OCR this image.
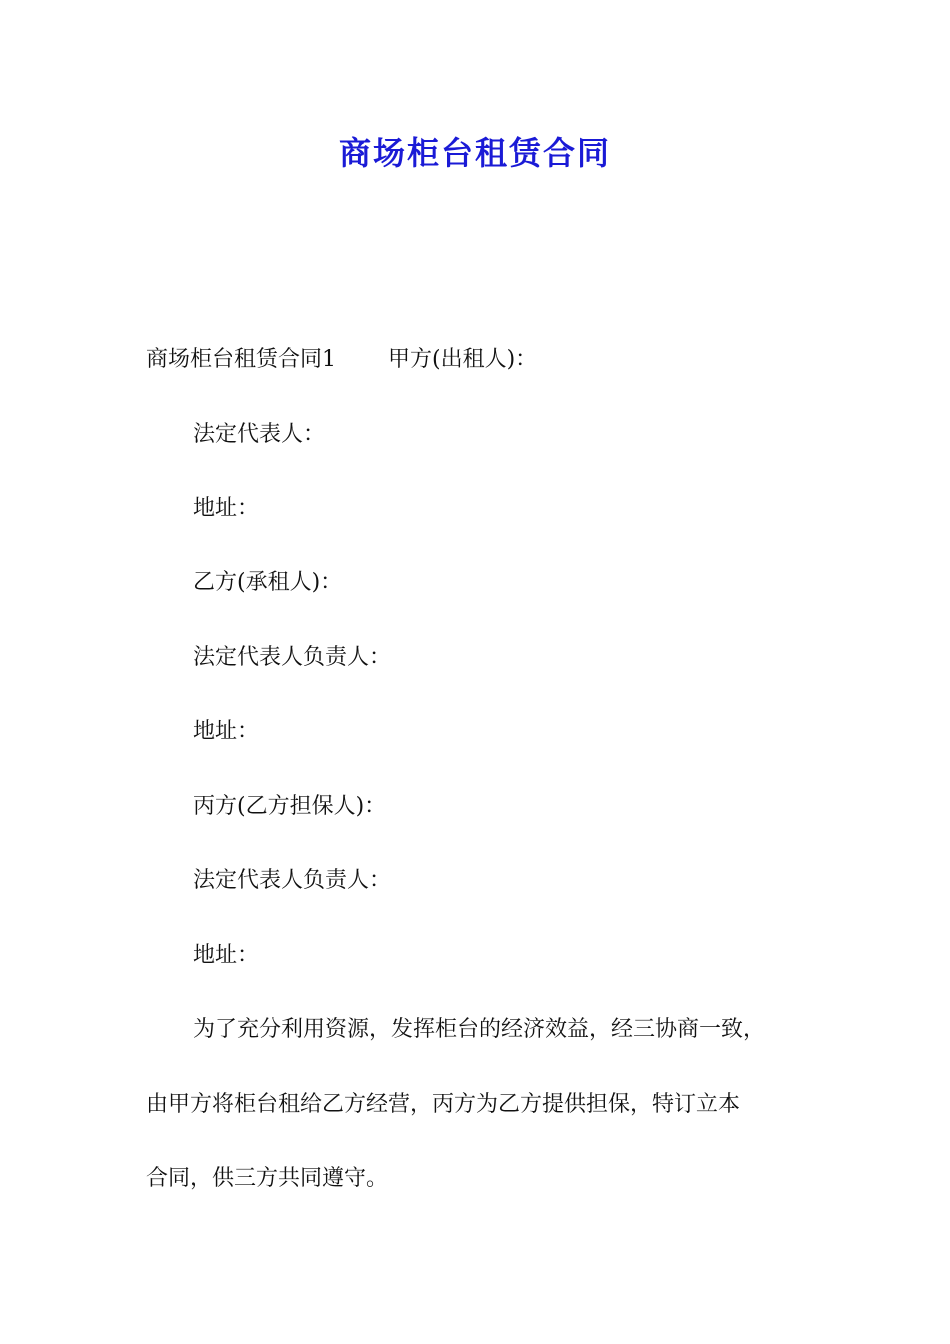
商场柜台租赁合同
商场柜台租赁合同1 甲方(出租人)：
法定代表人：
地址：
乙方(承租人)：
法定代表人负责人：
地址：
丙方(乙方担保人)：
法定代表人负责人：
地址：
为了充分利用资源，发挥柜台的经济效益，经三协商一致，
由甲方将柜台租给乙方经营，丙方为乙方提供担保，特订立本
合同，供三方共同遵守。
